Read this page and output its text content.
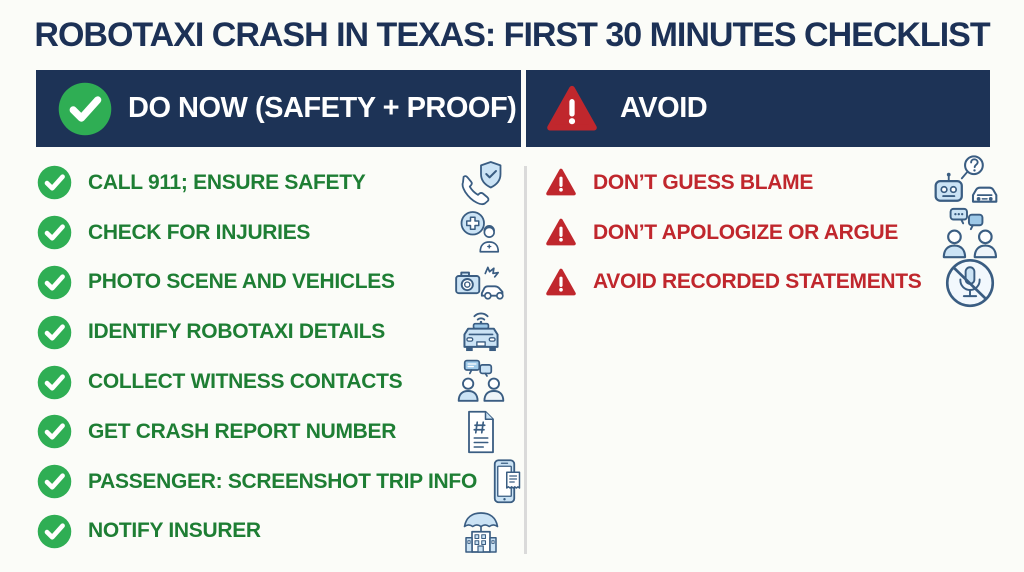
ROBOTAXI CRASH IN TEXAS: FIRST 30 MINUTES CHECKLIST
DO NOW (SAFETY + PROOF)	AVOID
CALL 911; ENSURE SAFETY
CHECK FOR INJURIES
PHOTO SCENE AND VEHICLES
IDENTIFY ROBOTAXI DETAILS
COLLECT WITNESS CONTACTS
GET CRASH REPORT NUMBER
PASSENGER: SCREENSHOT TRIP INFO
NOTIFY INSURER
DON’T GUESS BLAME
DON’T APOLOGIZE OR ARGUE
AVOID RECORDED STATEMENTS
